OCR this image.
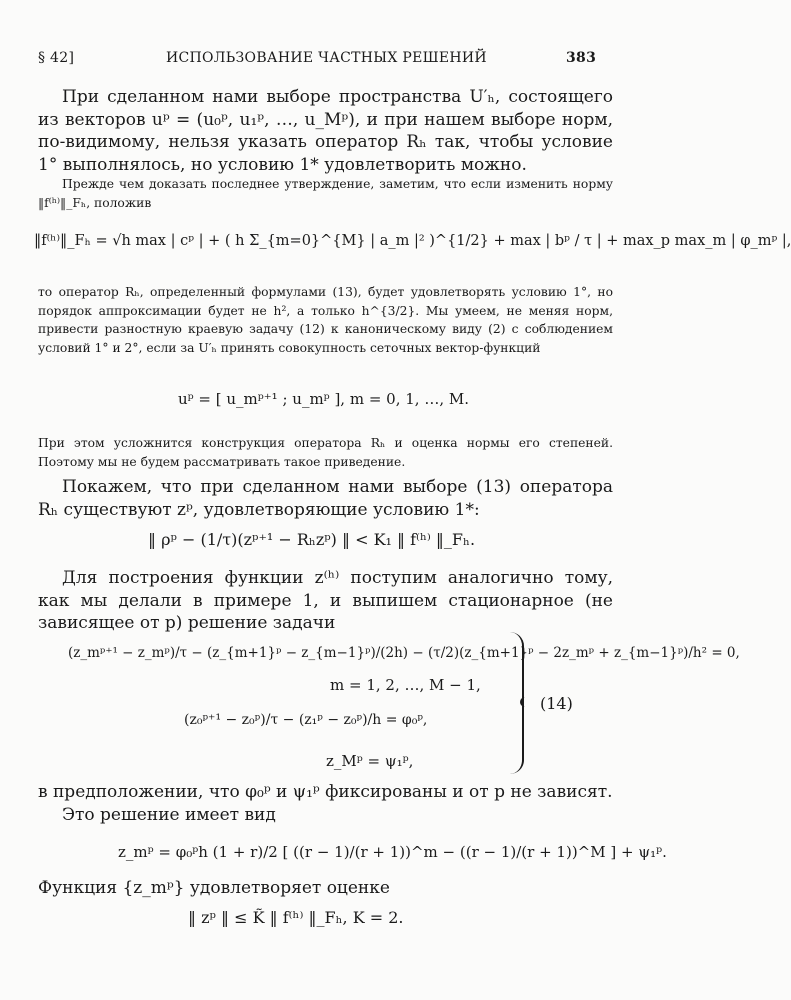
§ 42]	ИСПОЛЬЗОВАНИЕ ЧАСТНЫХ РЕШЕНИЙ	383

При сделанном нами выборе пространства U′ₕ, состоящего из векторов uᵖ = (u₀ᵖ, u₁ᵖ, …, u_Mᵖ), и при нашем выборе норм, по-видимому, нельзя указать оператор Rₕ так, чтобы условие 1° выполнялось, но условию 1* удовлетворить можно.

Прежде чем доказать последнее утверждение, заметим, что если изменить норму ‖f⁽ʰ⁾‖_Fₕ, положив

‖f⁽ʰ⁾‖_Fₕ = √h max | cᵖ | + ( h Σ_{m=0}^{M} | a_m |² )^{1/2} + max | bᵖ / τ | + max_p max_m | φ_mᵖ |,

то оператор Rₕ, определенный формулами (13), будет удовлетворять условию 1°, но порядок аппроксимации будет не h², а только h^{3/2}. Мы умеем, не меняя норм, привести разностную краевую задачу (12) к каноническому виду (2) с соблюдением условий 1° и 2°, если за U′ₕ принять совокупность сеточных вектор-функций

uᵖ = [ u_mᵖ⁺¹ ; u_mᵖ ], m = 0, 1, …, M.

При этом усложнится конструкция оператора Rₕ и оценка нормы его степеней. Поэтому мы не будем рассматривать такое приведение.

Покажем, что при сделанном нами выборе (13) оператора Rₕ существуют zᵖ, удовлетворяющие условию 1*:

‖ ρᵖ − (1/τ)(zᵖ⁺¹ − Rₕzᵖ) ‖ < K₁ ‖ f⁽ʰ⁾ ‖_Fₕ.

Для построения функции z⁽ʰ⁾ поступим аналогично тому, как мы делали в примере 1, и выпишем стационарное (не зависящее от p) решение задачи

(z_mᵖ⁺¹ − z_mᵖ)/τ − (z_{m+1}ᵖ − z_{m−1}ᵖ)/(2h) − (τ/2)(z_{m+1}ᵖ − 2z_mᵖ + z_{m−1}ᵖ)/h² = 0,
m = 1, 2, …, M − 1,
(z₀ᵖ⁺¹ − z₀ᵖ)/τ − (z₁ᵖ − z₀ᵖ)/h = φ₀ᵖ,
z_Mᵖ = ψ₁ᵖ,
(14)

в предположении, что φ₀ᵖ и ψ₁ᵖ фиксированы и от p не зависят.

Это решение имеет вид

z_mᵖ = φ₀ᵖh (1 + r)/2 [ ((r − 1)/(r + 1))^m − ((r − 1)/(r + 1))^M ] + ψ₁ᵖ.

Функция {z_mᵖ} удовлетворяет оценке

‖ zᵖ ‖ ≤ K̃ ‖ f⁽ʰ⁾ ‖_Fₕ, K = 2.
